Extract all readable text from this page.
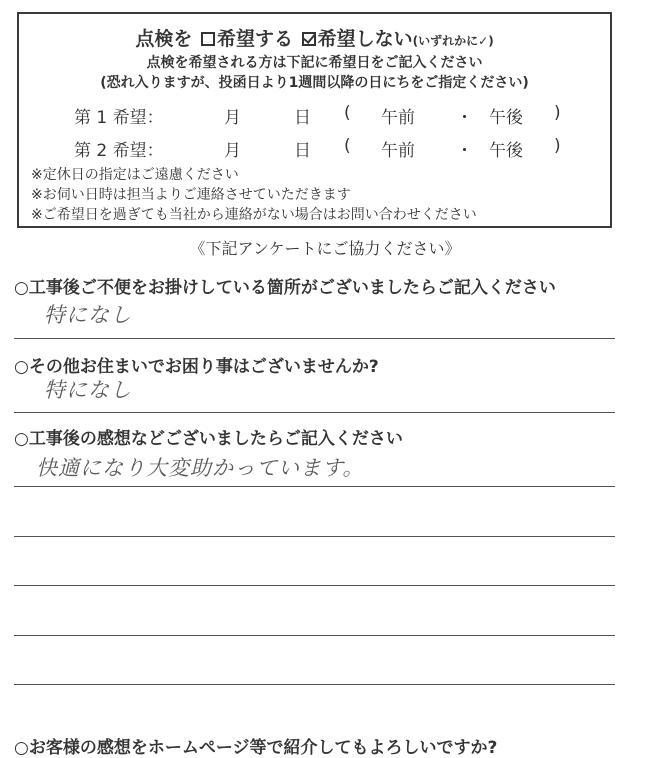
点検を 希望する 希望しない(いずれかに✓)
点検を希望される方は下記に希望日をご記入ください
(恐れ入りますが、投函日より1週間以降の日にちをご指定ください)
第 1 希望：	月	日 ( 午前 ・ 午後 )
第 2 希望：	月	日 ( 午前 ・ 午後 )
※定休日の指定はご遠慮ください
※お伺い日時は担当よりご連絡させていただきます
※ご希望日を過ぎても当社から連絡がない場合はお問い合わせください
《下記アンケートにご協力ください》
○工事後ご不便をお掛けしている箇所がございましたらご記入ください
特になし
○その他お住まいでお困り事はございませんか?
特になし
○工事後の感想などございましたらご記入ください
快適になり大変助かっています。
○お客様の感想をホームページ等で紹介してもよろしいですか?
